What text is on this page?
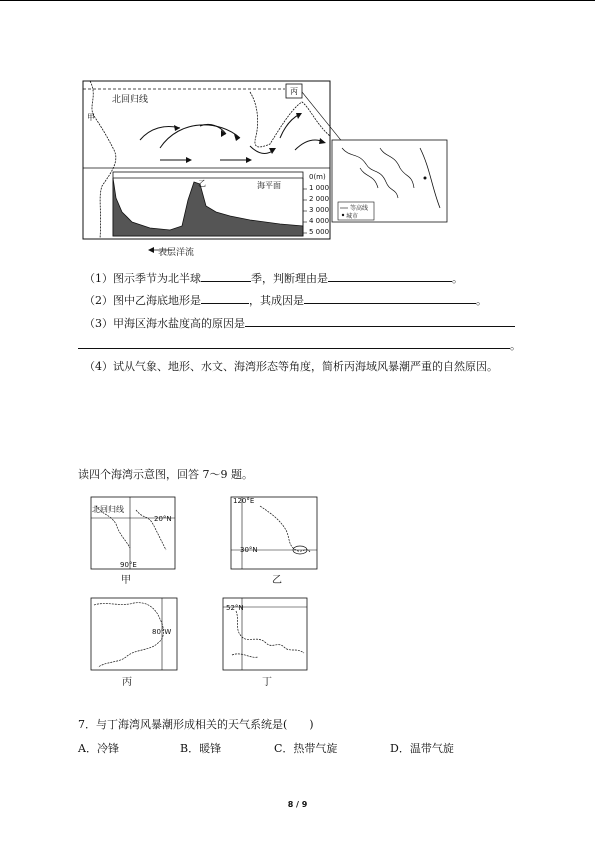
北回归线
甲
丙
乙	海平面
0(m)
1 000
2 000
3 000
4 000
5 000
表层洋流
等高线
城市
（1）图示季节为北半球	季，判断理由是	。
（2）图中乙海底地形是	，其成因是	。
（3）甲海区海水盐度高的原因是
。
（4）试从气象、地形、水文、海湾形态等角度，简析丙海域风暴潮严重的自然原因。
读四个海湾示意图，回答 7～9 题。
北回归线
20°N
90°E
甲
120°E
30°N
乙
80°W
丙
52°N
丁
7．与丁海湾风暴潮形成相关的天气系统是(　　)
A．冷锋	B．暖锋	C．热带气旋	D．温带气旋
8 / 9
